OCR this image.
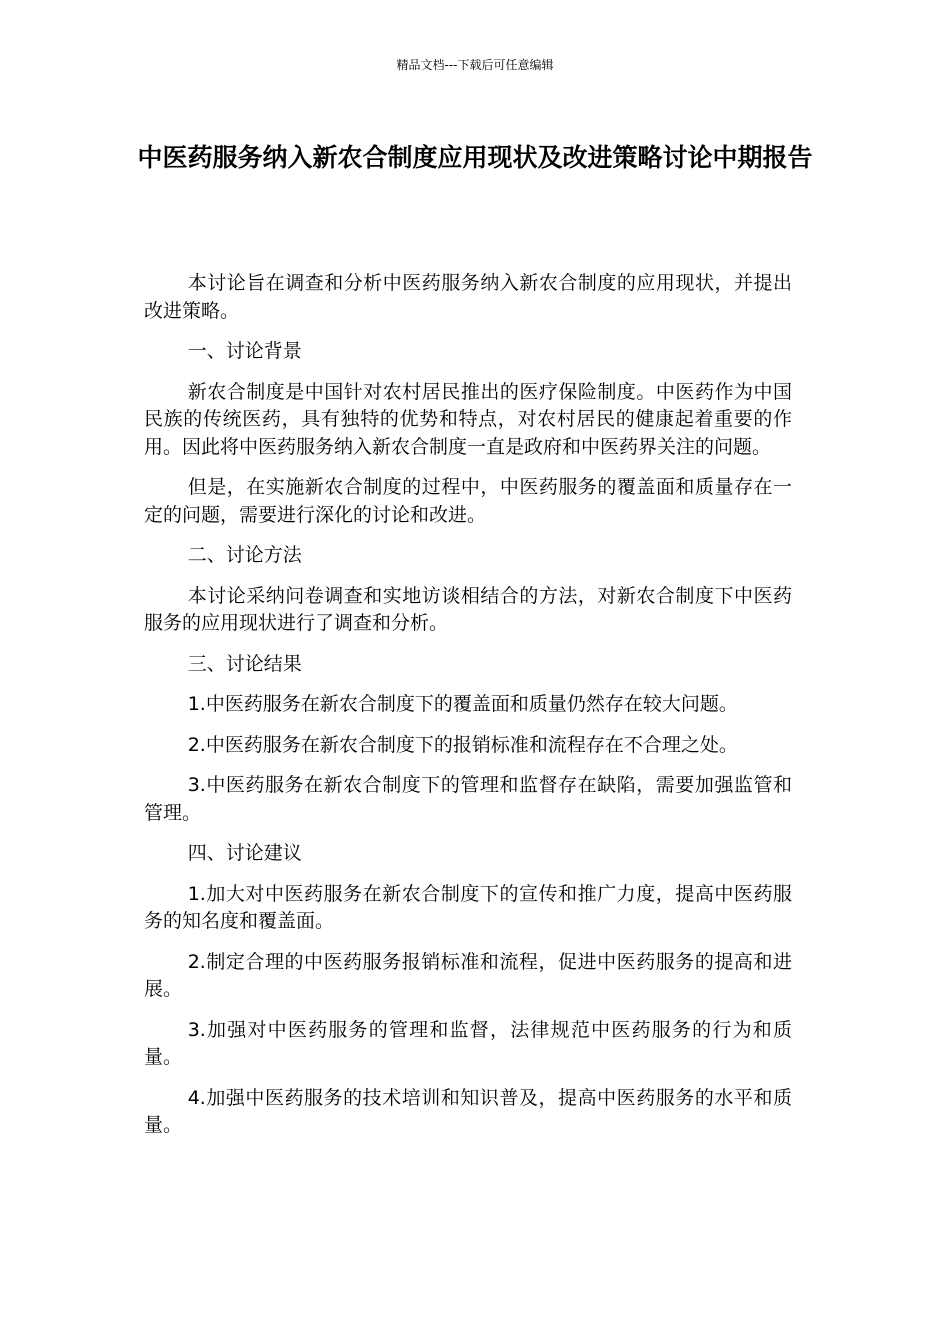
精品文档---下载后可任意编辑
中医药服务纳入新农合制度应用现状及改进策略讨论中期报告

本讨论旨在调查和分析中医药服务纳入新农合制度的应用现状，并提出改进策略。

一、讨论背景

新农合制度是中国针对农村居民推出的医疗保险制度。中医药作为中国民族的传统医药，具有独特的优势和特点，对农村居民的健康起着重要的作用。因此将中医药服务纳入新农合制度一直是政府和中医药界关注的问题。

但是，在实施新农合制度的过程中，中医药服务的覆盖面和质量存在一定的问题，需要进行深化的讨论和改进。

二、讨论方法

本讨论采纳问卷调查和实地访谈相结合的方法，对新农合制度下中医药服务的应用现状进行了调查和分析。

三、讨论结果

1.中医药服务在新农合制度下的覆盖面和质量仍然存在较大问题。

2.中医药服务在新农合制度下的报销标准和流程存在不合理之处。

3.中医药服务在新农合制度下的管理和监督存在缺陷，需要加强监管和管理。

四、讨论建议

1.加大对中医药服务在新农合制度下的宣传和推广力度，提高中医药服务的知名度和覆盖面。

2.制定合理的中医药服务报销标准和流程，促进中医药服务的提高和进展。

3.加强对中医药服务的管理和监督，法律规范中医药服务的行为和质量。

4.加强中医药服务的技术培训和知识普及，提高中医药服务的水平和质量。
